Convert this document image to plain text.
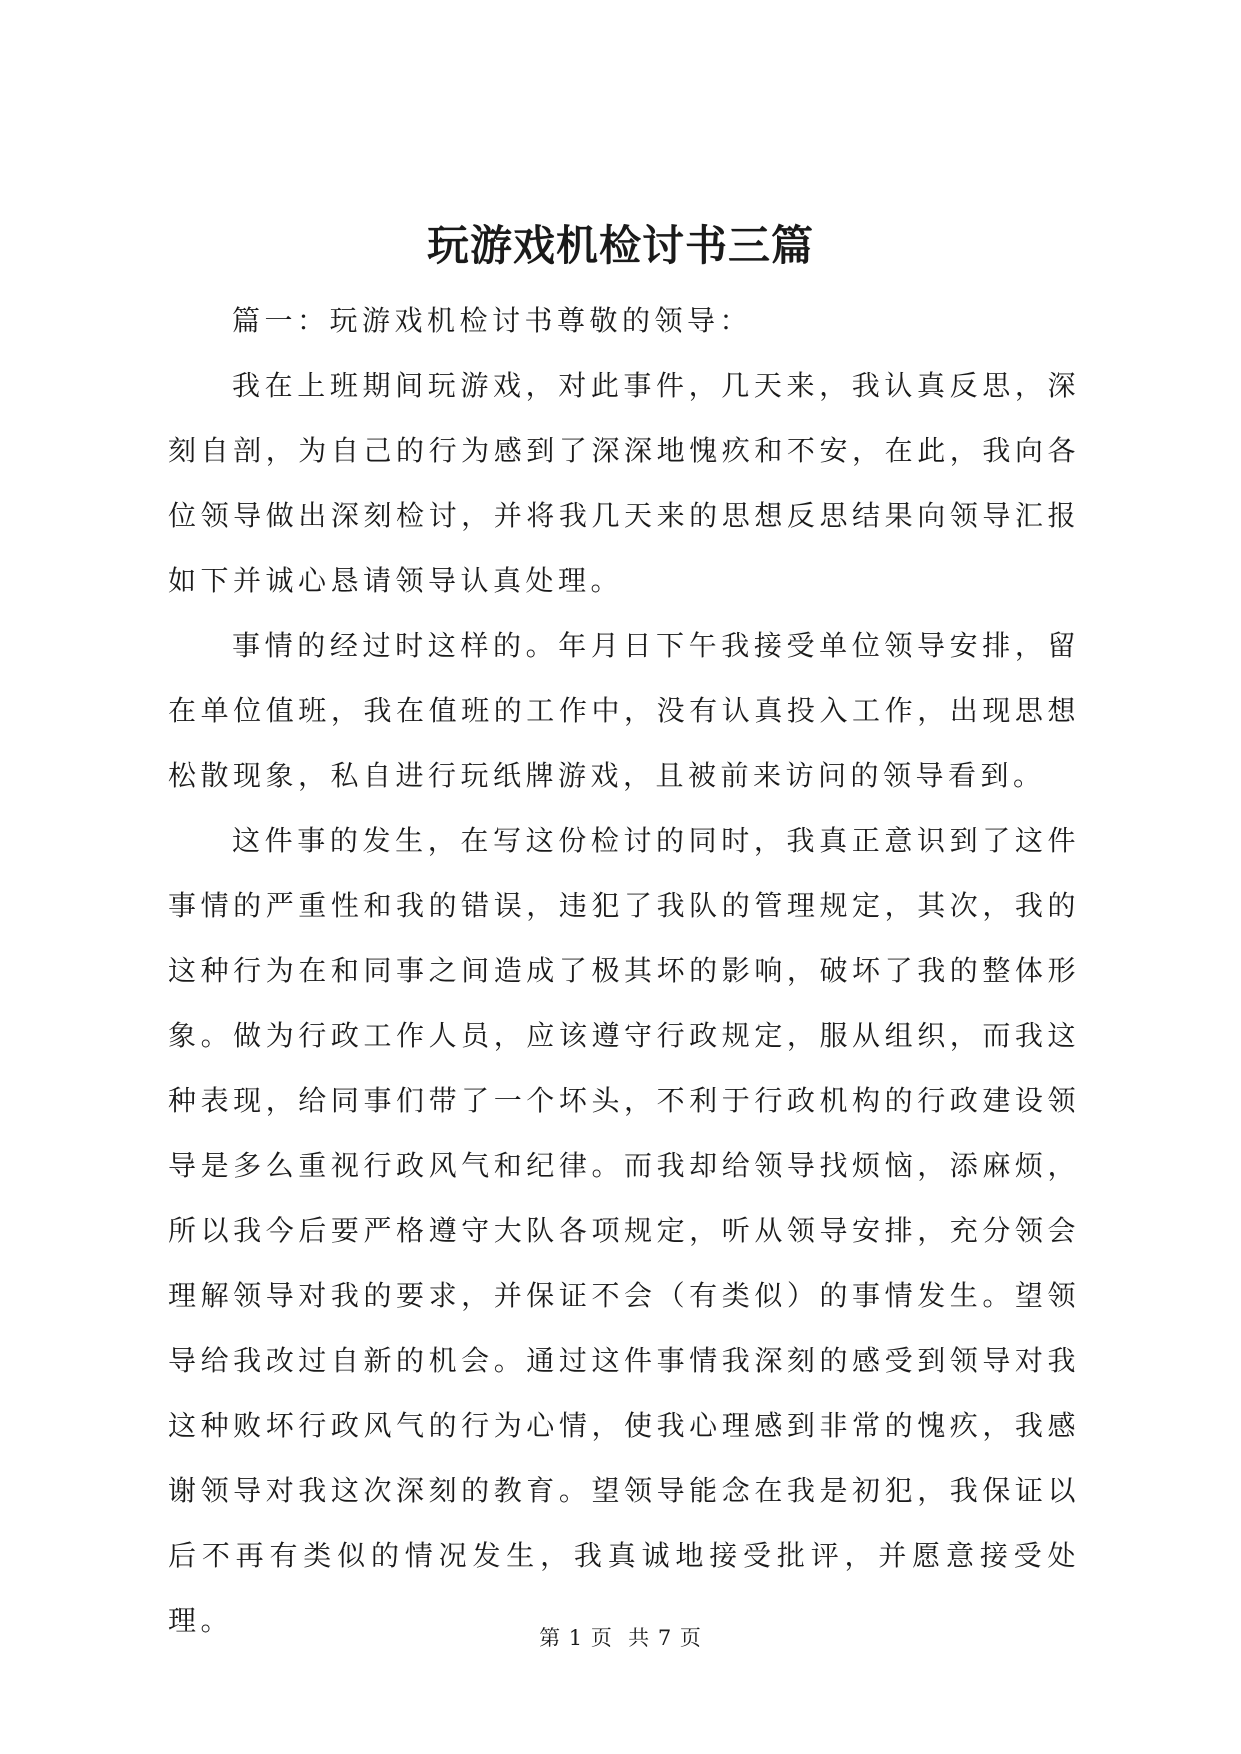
玩游戏机检讨书三篇

篇一：玩游戏机检讨书尊敬的领导：

我在上班期间玩游戏，对此事件，几天来，我认真反思，深刻自剖，为自己的行为感到了深深地愧疚和不安，在此，我向各位领导做出深刻检讨，并将我几天来的思想反思结果向领导汇报如下并诚心恳请领导认真处理。

事情的经过时这样的。年月日下午我接受单位领导安排，留在单位值班，我在值班的工作中，没有认真投入工作，出现思想松散现象，私自进行玩纸牌游戏，且被前来访问的领导看到。

这件事的发生，在写这份检讨的同时，我真正意识到了这件事情的严重性和我的错误，违犯了我队的管理规定，其次，我的这种行为在和同事之间造成了极其坏的影响，破坏了我的整体形象。做为行政工作人员，应该遵守行政规定，服从组织，而我这种表现，给同事们带了一个坏头，不利于行政机构的行政建设领导是多么重视行政风气和纪律。而我却给领导找烦恼，添麻烦，所以我今后要严格遵守大队各项规定，听从领导安排，充分领会理解领导对我的要求，并保证不会（有类似）的事情发生。望领导给我改过自新的机会。通过这件事情我深刻的感受到领导对我这种败坏行政风气的行为心情，使我心理感到非常的愧疚，我感谢领导对我这次深刻的教育。望领导能念在我是初犯，我保证以后不再有类似的情况发生，我真诚地接受批评，并愿意接受处理。

第 1 页  共 7 页
